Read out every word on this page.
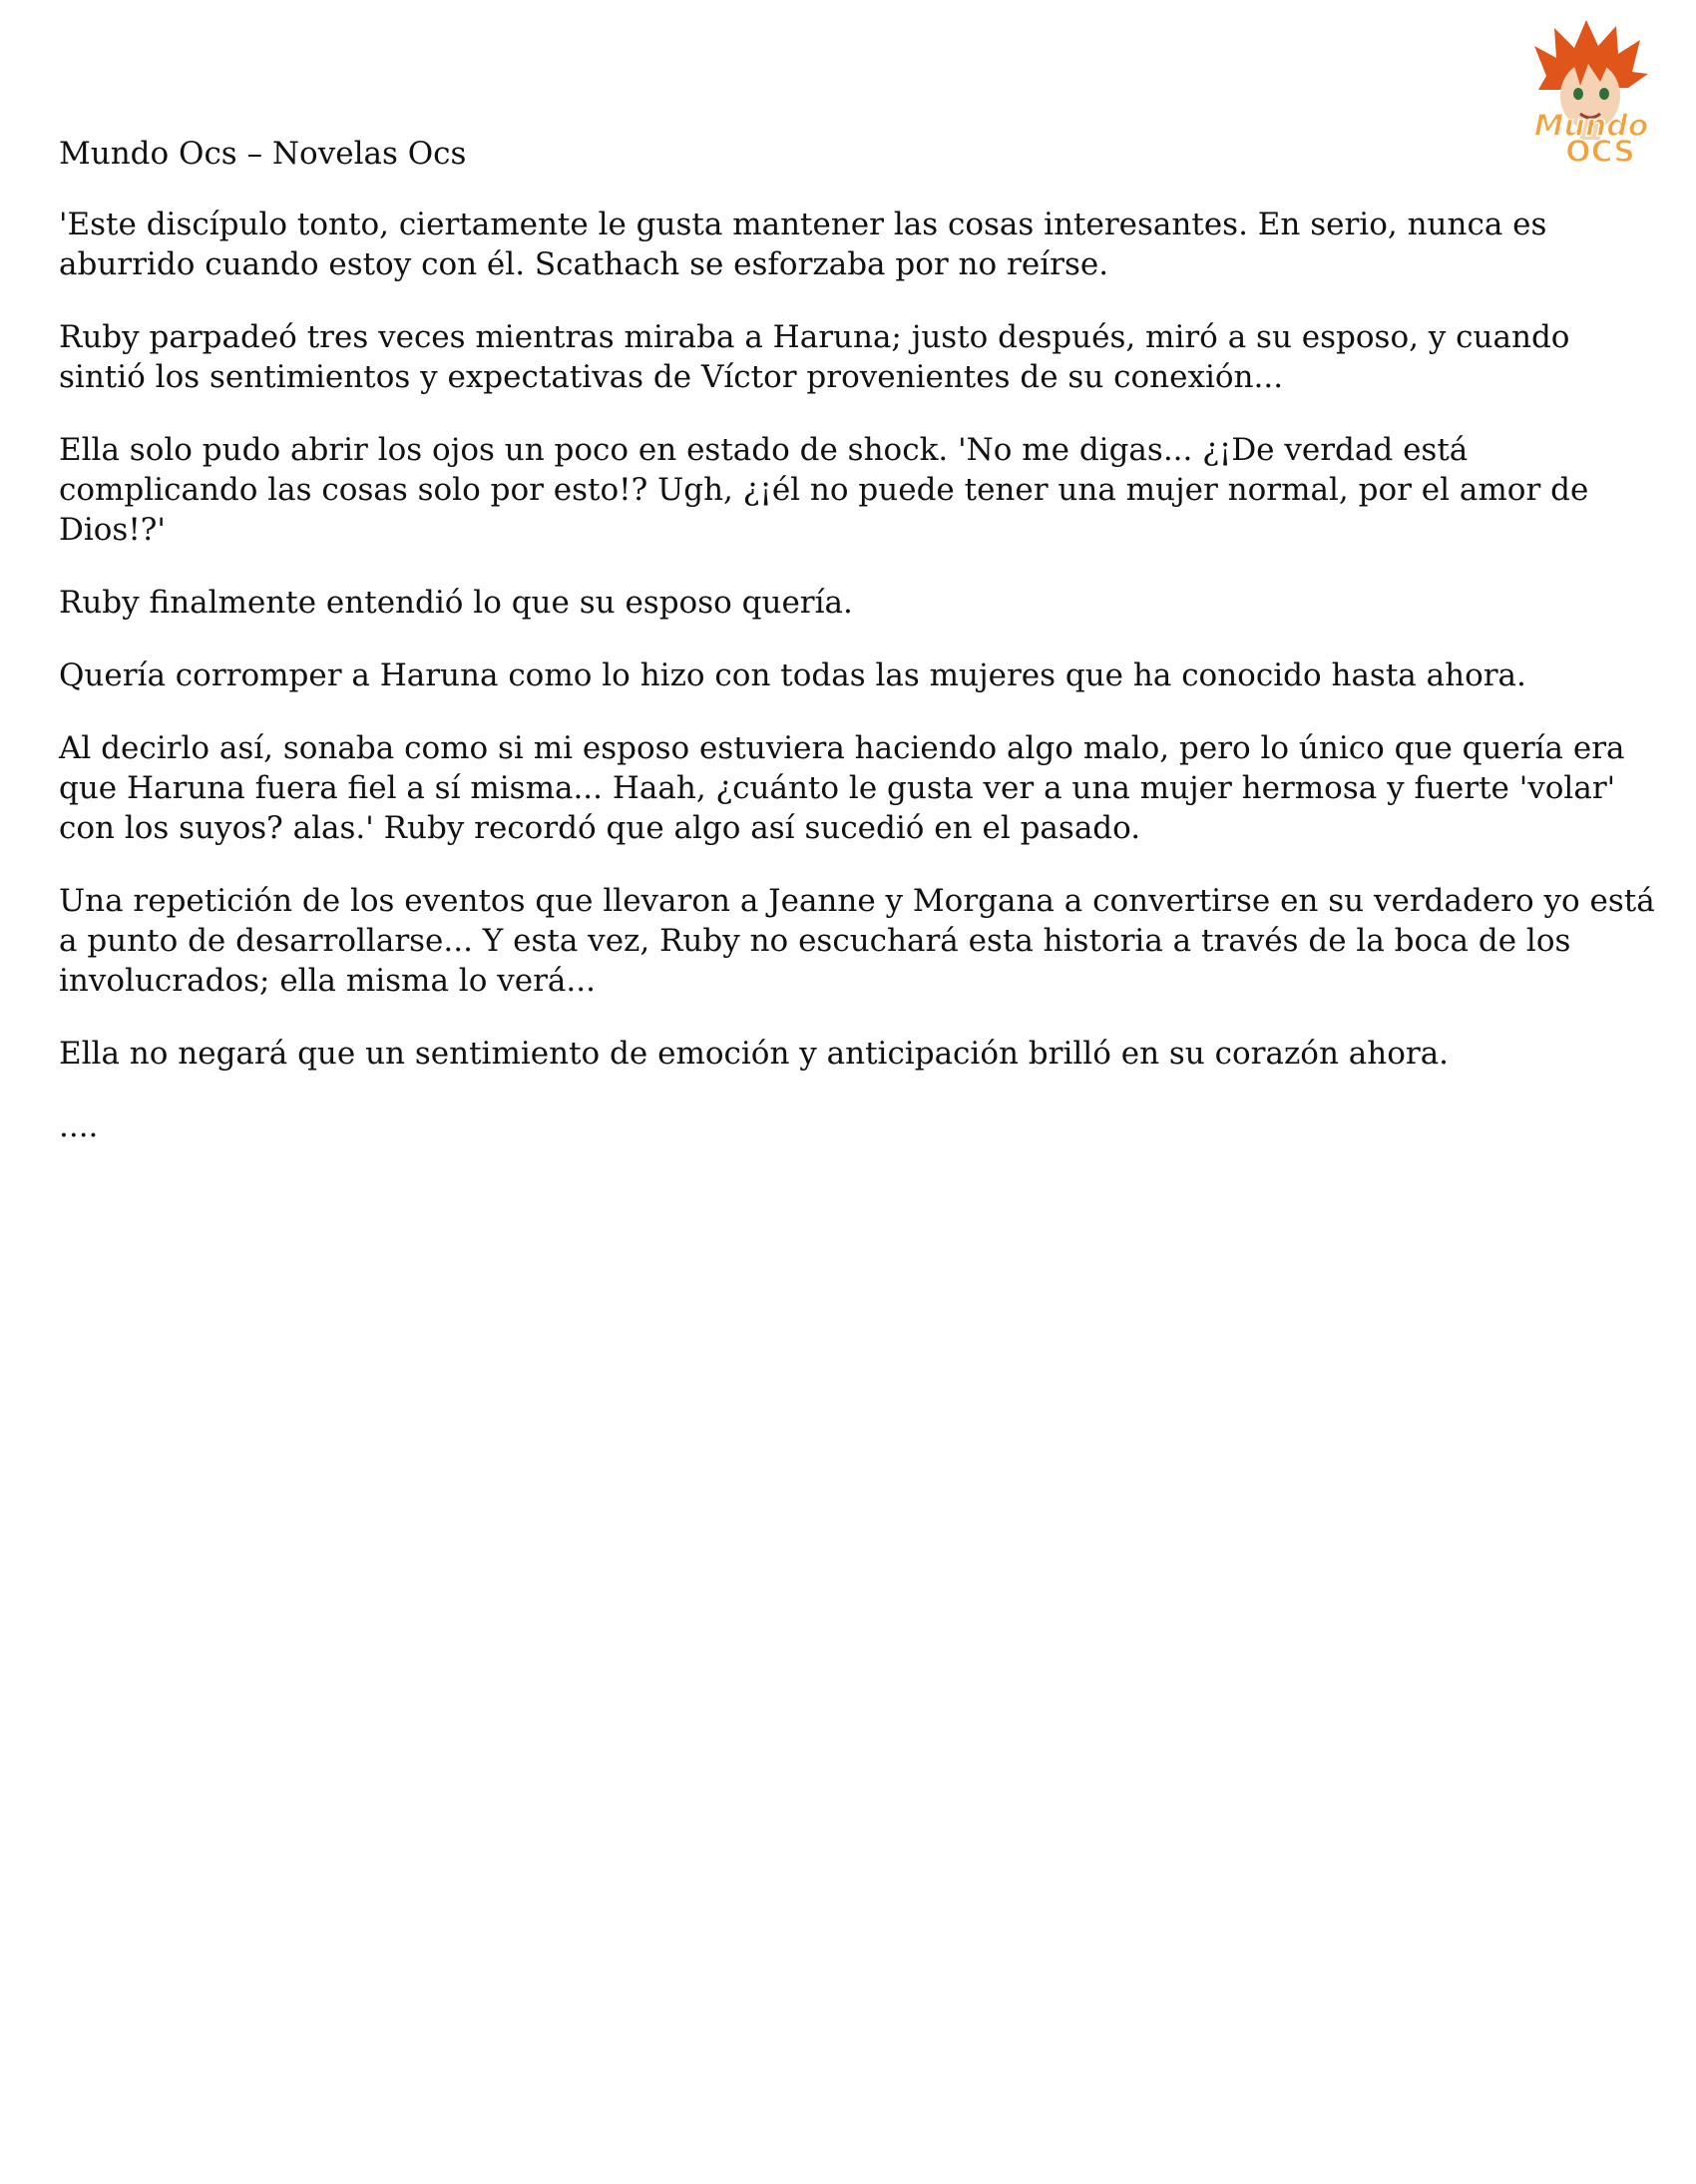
Mundo
OCS
Mundo Ocs – Novelas Ocs

'Este discípulo tonto, ciertamente le gusta mantener las cosas interesantes. En serio, nunca es aburrido cuando estoy con él. Scathach se esforzaba por no reírse.

Ruby parpadeó tres veces mientras miraba a Haruna; justo después, miró a su esposo, y cuando sintió los sentimientos y expectativas de Víctor provenientes de su conexión...

Ella solo pudo abrir los ojos un poco en estado de shock. 'No me digas... ¿¡De verdad está complicando las cosas solo por esto!? Ugh, ¿¡él no puede tener una mujer normal, por el amor de Dios!?'

Ruby finalmente entendió lo que su esposo quería.

Quería corromper a Haruna como lo hizo con todas las mujeres que ha conocido hasta ahora.

Al decirlo así, sonaba como si mi esposo estuviera haciendo algo malo, pero lo único que quería era que Haruna fuera fiel a sí misma... Haah, ¿cuánto le gusta ver a una mujer hermosa y fuerte 'volar' con los suyos? alas.' Ruby recordó que algo así sucedió en el pasado.

Una repetición de los eventos que llevaron a Jeanne y Morgana a convertirse en su verdadero yo está a punto de desarrollarse... Y esta vez, Ruby no escuchará esta historia a través de la boca de los involucrados; ella misma lo verá...

Ella no negará que un sentimiento de emoción y anticipación brilló en su corazón ahora.

....
